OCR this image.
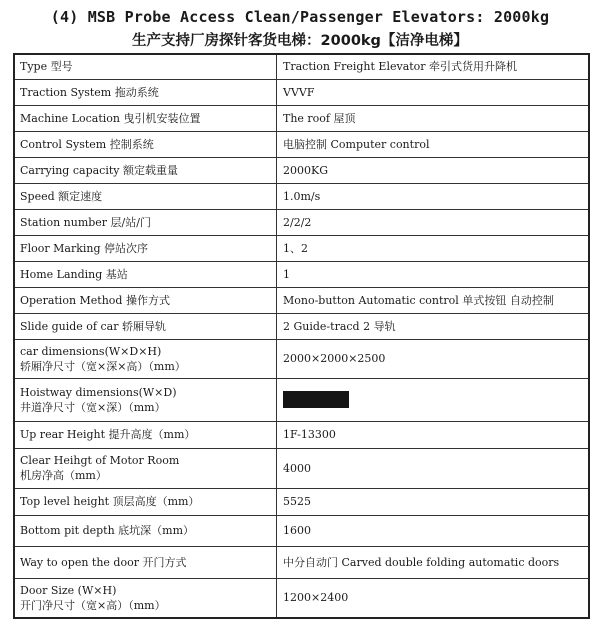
(4) MSB Probe Access Clean/Passenger Elevators: 2000kg
生产支持厂房探针客货电梯：2000kg【洁净电梯】
Type 型号	Traction Freight Elevator 牵引式货用升降机
Traction System 拖动系统	VVVF
Machine Location 曳引机安装位置	The roof 屋顶
Control System 控制系统	电脑控制 Computer control
Carrying capacity 额定载重量	2000KG
Speed 额定速度	1.0m/s
Station number 层/站/门	2/2/2
Floor Marking 停站次序	1、2
Home Landing 基站	1
Operation Method 操作方式	Mono-button Automatic control 单式按钮 自动控制
Slide guide of car 轿厢导轨	2 Guide-tracd 2 导轨

car dimensions(W×D×H)
轿厢净尺寸（宽×深×高）（mm）	2000×2000×2500

Hoistway dimensions(W×D)
井道净尺寸（宽×深）（mm）	

Up rear Height 提升高度（mm）	1F-13300

Clear Heihgt of Motor Room
机房净高（mm）	4000
Top level height 顶层高度（mm）	5525
Bottom pit depth 底坑深（mm）	1600
Way to open the door 开门方式	中分自动门 Carved double folding automatic doors

Door Size (W×H)
开门净尺寸（宽×高）（mm）	1200×2400
